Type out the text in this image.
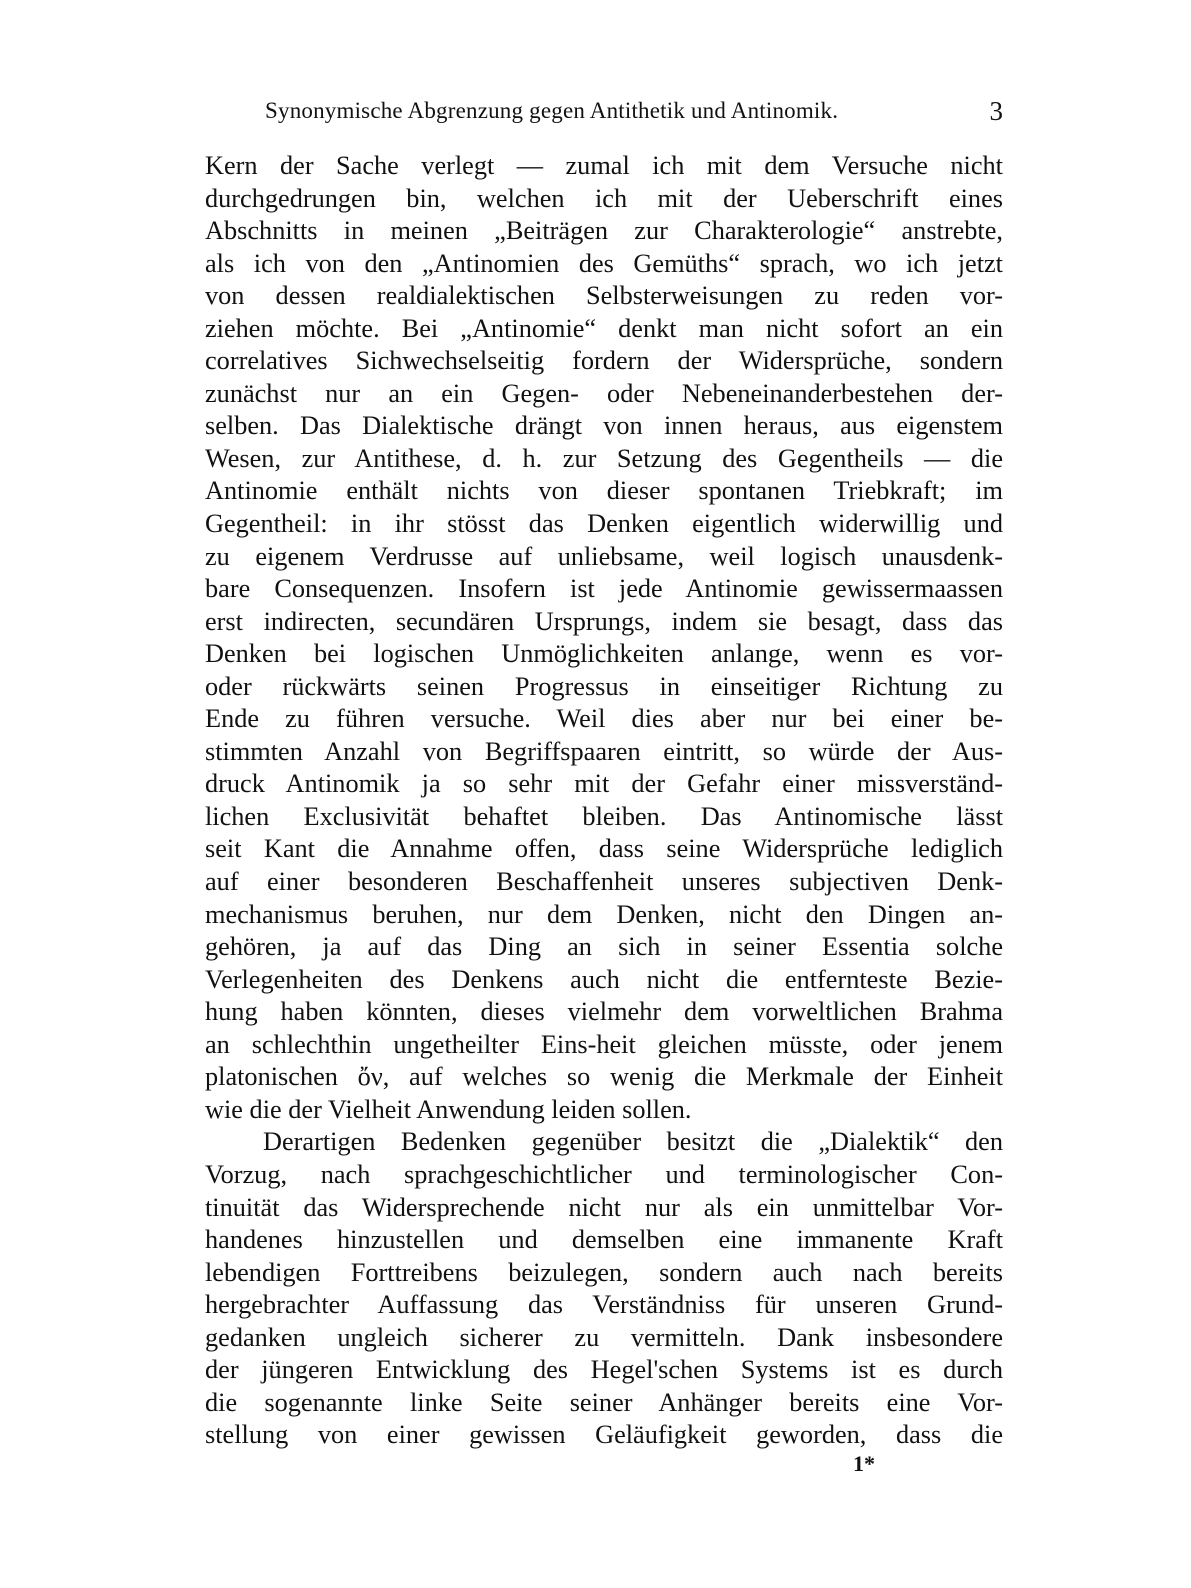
Synonymische Abgrenzung gegen Antithetik und Antinomik.	3
Kern der Sache verlegt — zumal ich mit dem Versuche nicht
durchgedrungen bin, welchen ich mit der Ueberschrift eines
Abschnitts in meinen „Beiträgen zur Charakterologie“ anstrebte,
als ich von den „Antinomien des Gemüths“ sprach, wo ich jetzt
von dessen realdialektischen Selbsterweisungen zu reden vor-
ziehen möchte. Bei „Antinomie“ denkt man nicht sofort an ein
correlatives Sichwechselseitig fordern der Widersprüche, sondern
zunächst nur an ein Gegen- oder Nebeneinanderbestehen der-
selben. Das Dialektische drängt von innen heraus, aus eigenstem
Wesen, zur Antithese, d. h. zur Setzung des Gegentheils — die
Antinomie enthält nichts von dieser spontanen Triebkraft; im
Gegentheil: in ihr stösst das Denken eigentlich widerwillig und
zu eigenem Verdrusse auf unliebsame, weil logisch unausdenk-
bare Consequenzen. Insofern ist jede Antinomie gewissermaassen
erst indirecten, secundären Ursprungs, indem sie besagt, dass das
Denken bei logischen Unmöglichkeiten anlange, wenn es vor-
oder rückwärts seinen Progressus in einseitiger Richtung zu
Ende zu führen versuche. Weil dies aber nur bei einer be-
stimmten Anzahl von Begriffspaaren eintritt, so würde der Aus-
druck Antinomik ja so sehr mit der Gefahr einer missverständ-
lichen Exclusivität behaftet bleiben. Das Antinomische lässt
seit Kant die Annahme offen, dass seine Widersprüche lediglich
auf einer besonderen Beschaffenheit unseres subjectiven Denk-
mechanismus beruhen, nur dem Denken, nicht den Dingen an-
gehören, ja auf das Ding an sich in seiner Essentia solche
Verlegenheiten des Denkens auch nicht die entfernteste Bezie-
hung haben könnten, dieses vielmehr dem vorweltlichen Brahma
an schlechthin ungetheilter Eins-heit gleichen müsste, oder jenem
platonischen ὄν, auf welches so wenig die Merkmale der Einheit
wie die der Vielheit Anwendung leiden sollen.
Derartigen Bedenken gegenüber besitzt die „Dialektik“ den
Vorzug, nach sprachgeschichtlicher und terminologischer Con-
tinuität das Widersprechende nicht nur als ein unmittelbar Vor-
handenes hinzustellen und demselben eine immanente Kraft
lebendigen Forttreibens beizulegen, sondern auch nach bereits
hergebrachter Auffassung das Verständniss für unseren Grund-
gedanken ungleich sicherer zu vermitteln. Dank insbesondere
der jüngeren Entwicklung des Hegel'schen Systems ist es durch
die sogenannte linke Seite seiner Anhänger bereits eine Vor-
stellung von einer gewissen Geläufigkeit geworden, dass die
1*
